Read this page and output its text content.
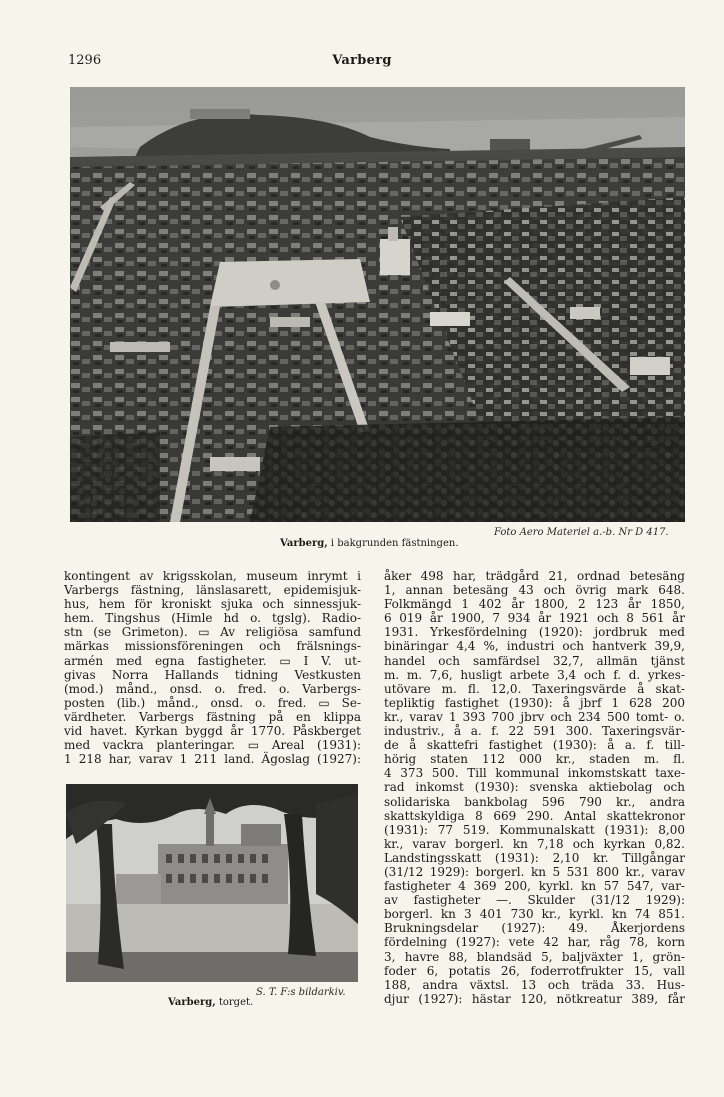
1296	Varberg
Foto Aero Materiel a.-b. Nr D 417.
Varberg, i bakgrunden fästningen.

kontingent av krigsskolan, museum inrymt i

Varbergs fästning, länslasarett, epidemisjuk-

hus, hem för kroniskt sjuka och sinnessjuk-

hem. Tingshus (Himle hd o. tgslg). Radio-

stn (se Grimeton). ▭ Av religiösa samfund

märkas missionsföreningen och frälsnings-

armén med egna fastigheter. ▭ I V. ut-

givas Norra Hallands tidning Vestkusten

(mod.) månd., onsd. o. fred. o. Varbergs-

posten (lib.) månd., onsd. o. fred. ▭ Se-

värdheter. Varbergs fästning på en klippa

vid havet. Kyrkan byggd år 1770. Påskberget

med vackra planteringar. ▭ Areal (1931):

1 218 har, varav 1 211 land. Ägoslag (1927):

S. T. F:s bildarkiv.
Varberg, torget.

åker 498 har, trädgård 21, ordnad betesäng

1, annan betesäng 43 och övrig mark 648.

Folkmängd 1 402 år 1800, 2 123 år 1850,

6 019 år 1900, 7 934 år 1921 och 8 561 år

1931. Yrkesfördelning (1920): jordbruk med

binäringar 4,4 %, industri och hantverk 39,9,

handel och samfärdsel 32,7, allmän tjänst

m. m. 7,6, husligt arbete 3,4 och f. d. yrkes-

utövare m. fl. 12,0. Taxeringsvärde å skat-

tepliktig fastighet (1930): å jbrf 1 628 200

kr., varav 1 393 700 jbrv och 234 500 tomt- o.

industriv., å a. f. 22 591 300. Taxeringsvär-

de å skattefri fastighet (1930): å a. f. till-

hörig staten 112 000 kr., staden m. fl.

4 373 500. Till kommunal inkomstskatt taxe-

rad inkomst (1930): svenska aktiebolag och

solidariska bankbolag 596 790 kr., andra

skattskyldiga 8 669 290. Antal skattekronor

(1931): 77 519. Kommunalskatt (1931): 8,00

kr., varav borgerl. kn 7,18 och kyrkan 0,82.

Landstingsskatt (1931): 2,10 kr. Tillgångar

(31/12 1929): borgerl. kn 5 531 800 kr., varav

fastigheter 4 369 200, kyrkl. kn 57 547, var-

av fastigheter —. Skulder (31/12 1929):

borgerl. kn 3 401 730 kr., kyrkl. kn 74 851.

Brukningsdelar (1927): 49. Åkerjordens

fördelning (1927): vete 42 har, råg 78, korn

3, havre 88, blandsäd 5, baljväxter 1, grön-

foder 6, potatis 26, foderrotfrukter 15, vall

188, andra växtsl. 13 och träda 33. Hus-

djur (1927): hästar 120, nötkreatur 389, får
